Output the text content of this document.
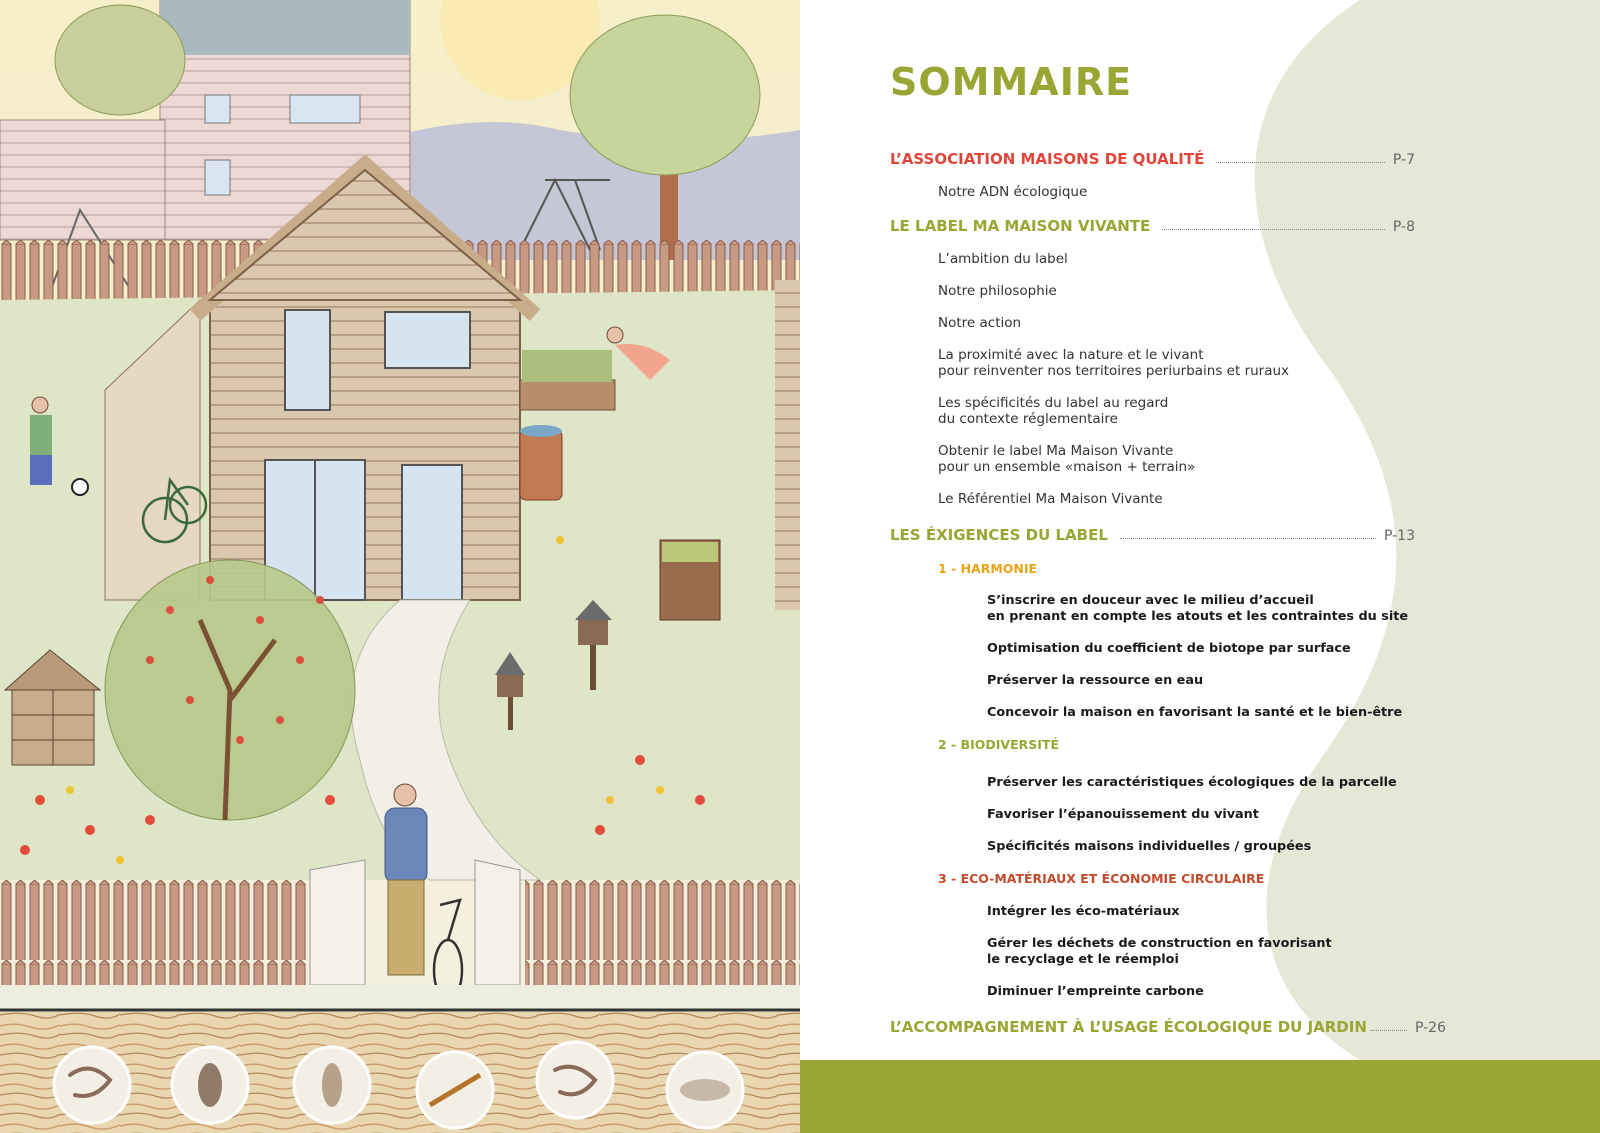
SOMMAIRE
L’ASSOCIATION MAISONS DE QUALITÉ	P-7
Notre ADN écologique
LE LABEL MA MAISON VIVANTE	P-8
L’ambition du label
Notre philosophie
Notre action
La proximité avec la nature et le vivant
pour reinventer nos territoires periurbains et ruraux
Les spécificités du label au regard
du contexte réglementaire
Obtenir le label Ma Maison Vivante
pour un ensemble «maison + terrain»
Le Référentiel Ma Maison Vivante
LES ÉXIGENCES DU LABEL	P-13
1 - HARMONIE
S’inscrire en douceur avec le milieu d’accueil
en prenant en compte les atouts et les contraintes du site
Optimisation du coefficient de biotope par surface
Préserver la ressource en eau
Concevoir la maison en favorisant la santé et le bien-être
2 - BIODIVERSITÉ
Préserver les caractéristiques écologiques de la parcelle
Favoriser l’épanouissement du vivant
Spécificités maisons individuelles / groupées
3 - ECO-MATÉRIAUX ET ÉCONOMIE CIRCULAIRE
Intégrer les éco-matériaux
Gérer les déchets de construction en favorisant
le recyclage et le réemploi
Diminuer l’empreinte carbone
L’ACCOMPAGNEMENT À L’USAGE ÉCOLOGIQUE DU JARDIN	P-26
